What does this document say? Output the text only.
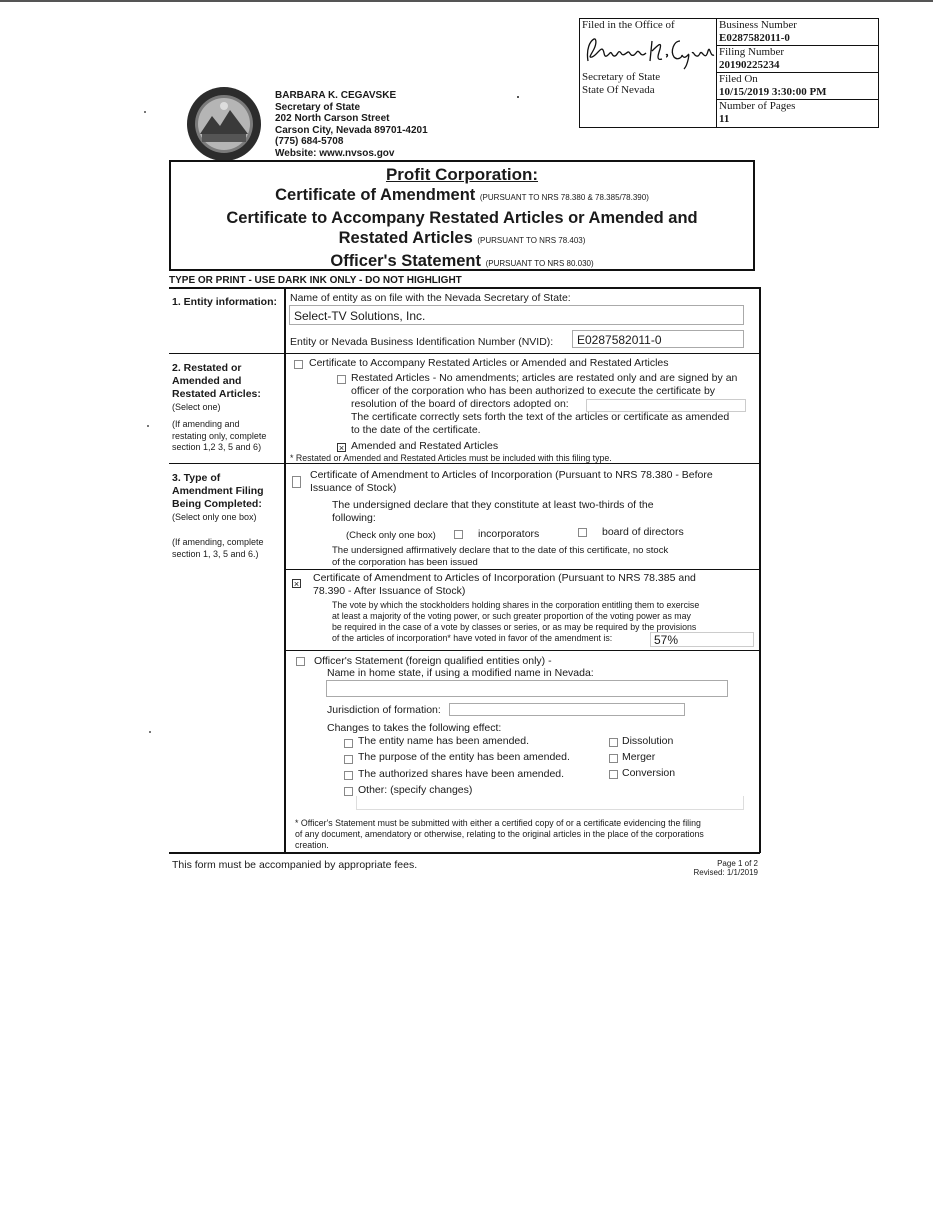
Filed in the Office of
Secretary of State
State Of Nevada
Business Number
E0287582011-0
Filing Number
20190225234
Filed On
10/15/2019 3:30:00 PM
Number of Pages
11
BARBARA K. CEGAVSKE
Secretary of State
202 North Carson Street
Carson City, Nevada 89701-4201
(775) 684-5708
Website: www.nvsos.gov
Profit Corporation:
Certificate of Amendment (PURSUANT TO NRS 78.380 & 78.385/78.390)
Certificate to Accompany Restated Articles or Amended and
Restated Articles (PURSUANT TO NRS 78.403)
Officer's Statement (PURSUANT TO NRS 80.030)
TYPE OR PRINT - USE DARK INK ONLY - DO NOT HIGHLIGHT
1. Entity information: Name of entity as on file with the Nevada Secretary of State:
Select-TV Solutions, Inc.
Entity or Nevada Business Identification Number (NVID): E0287582011-0
2. Restated or
Amended and
Restated Articles:
(Select one)
(If amending and
restating only, complete
section 1,2 3, 5 and 6)
Certificate to Accompany Restated Articles or Amended and Restated Articles
Restated Articles - No amendments; articles are restated only and are signed by an
officer of the corporation who has been authorized to execute the certificate by
resolution of the board of directors adopted on:
The certificate correctly sets forth the text of the articles or certificate as amended
to the date of the certificate.
× Amended and Restated Articles
* Restated or Amended and Restated Articles must be included with this filing type.
3. Type of
Amendment Filing
Being Completed:
(Select only one box)
(If amending, complete
section 1, 3, 5 and 6.)
Certificate of Amendment to Articles of Incorporation (Pursuant to NRS 78.380 - Before
Issuance of Stock)
The undersigned declare that they constitute at least two-thirds of the
following:
(Check only one box)	incorporators	board of directors
The undersigned affirmatively declare that to the date of this certificate, no stock
of the corporation has been issued
× Certificate of Amendment to Articles of Incorporation (Pursuant to NRS 78.385 and
78.390 - After Issuance of Stock)
The vote by which the stockholders holding shares in the corporation entitling them to exercise
at least a majority of the voting power, or such greater proportion of the voting power as may
be required in the case of a vote by classes or series, or as may be required by the provisions
of the articles of incorporation* have voted in favor of the amendment is:	57%
Officer's Statement (foreign qualified entities only) -
Name in home state, if using a modified name in Nevada:
Jurisdiction of formation:
Changes to takes the following effect:
The entity name has been amended.
The purpose of the entity has been amended.
The authorized shares have been amended.
Other: (specify changes)
Dissolution
Merger
Conversion
* Officer's Statement must be submitted with either a certified copy of or a certificate evidencing the filing
of any document, amendatory or otherwise, relating to the original articles in the place of the corporations
creation.
This form must be accompanied by appropriate fees.	Page 1 of 2
Revised: 1/1/2019
